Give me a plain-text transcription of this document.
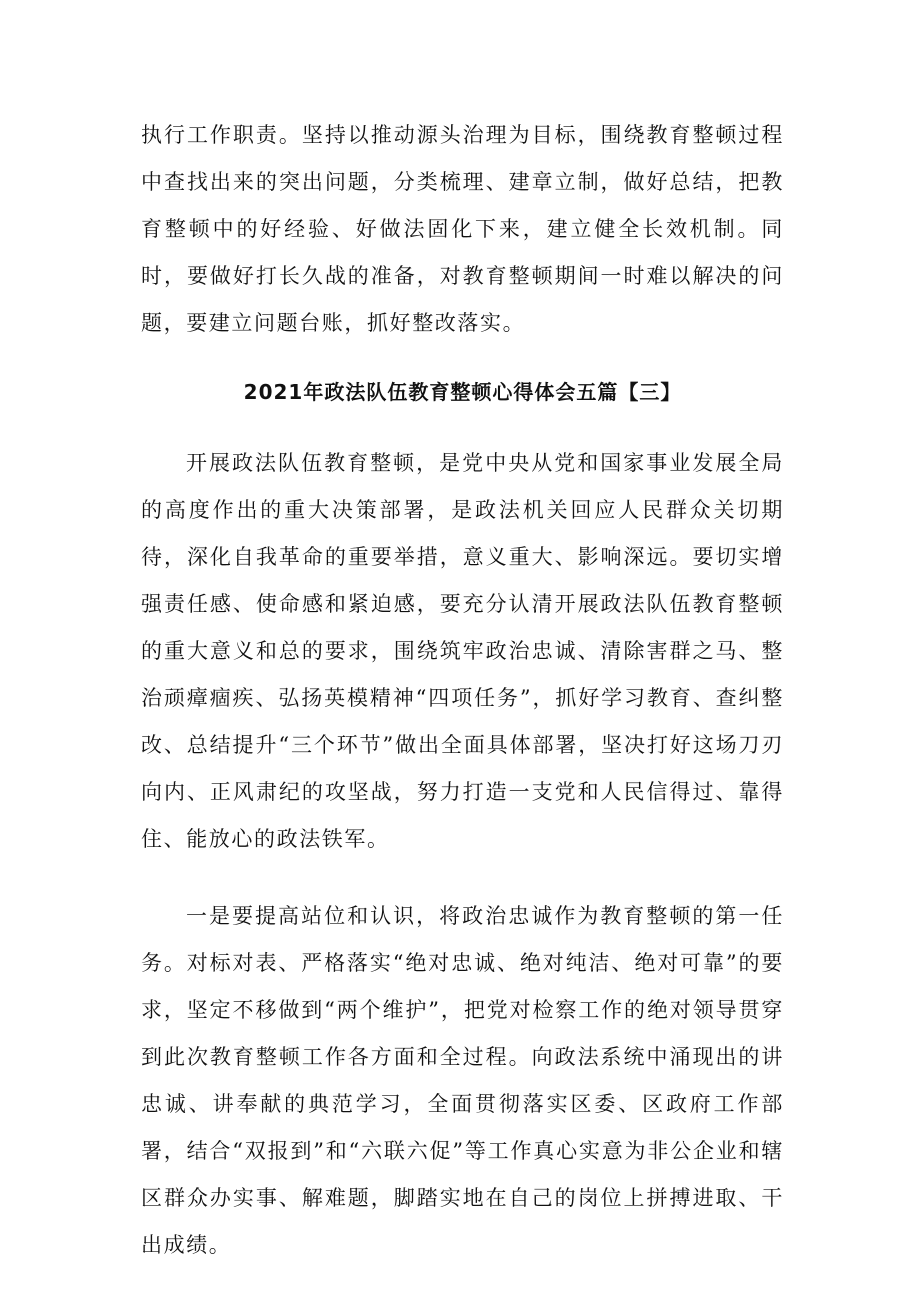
执行工作职责。坚持以推动源头治理为目标，围绕教育整顿过程中查找出来的突出问题，分类梳理、建章立制，做好总结，把教育整顿中的好经验、好做法固化下来，建立健全长效机制。同时，要做好打长久战的准备，对教育整顿期间一时难以解决的问题，要建立问题台账，抓好整改落实。

2021年政法队伍教育整顿心得体会五篇【三】

开展政法队伍教育整顿，是党中央从党和国家事业发展全局的高度作出的重大决策部署，是政法机关回应人民群众关切期待，深化自我革命的重要举措，意义重大、影响深远。要切实增强责任感、使命感和紧迫感，要充分认清开展政法队伍教育整顿的重大意义和总的要求，围绕筑牢政治忠诚、清除害群之马、整治顽瘴痼疾、弘扬英模精神“四项任务”，抓好学习教育、查纠整改、总结提升“三个环节”做出全面具体部署，坚决打好这场刀刃向内、正风肃纪的攻坚战，努力打造一支党和人民信得过、靠得住、能放心的政法铁军。

一是要提高站位和认识，将政治忠诚作为教育整顿的第一任务。对标对表、严格落实“绝对忠诚、绝对纯洁、绝对可靠”的要求，坚定不移做到“两个维护”，把党对检察工作的绝对领导贯穿到此次教育整顿工作各方面和全过程。向政法系统中涌现出的讲忠诚、讲奉献的典范学习，全面贯彻落实区委、区政府工作部署，结合“双报到”和“六联六促”等工作真心实意为非公企业和辖区群众办实事、解难题，脚踏实地在自己的岗位上拼搏进取、干出成绩。
